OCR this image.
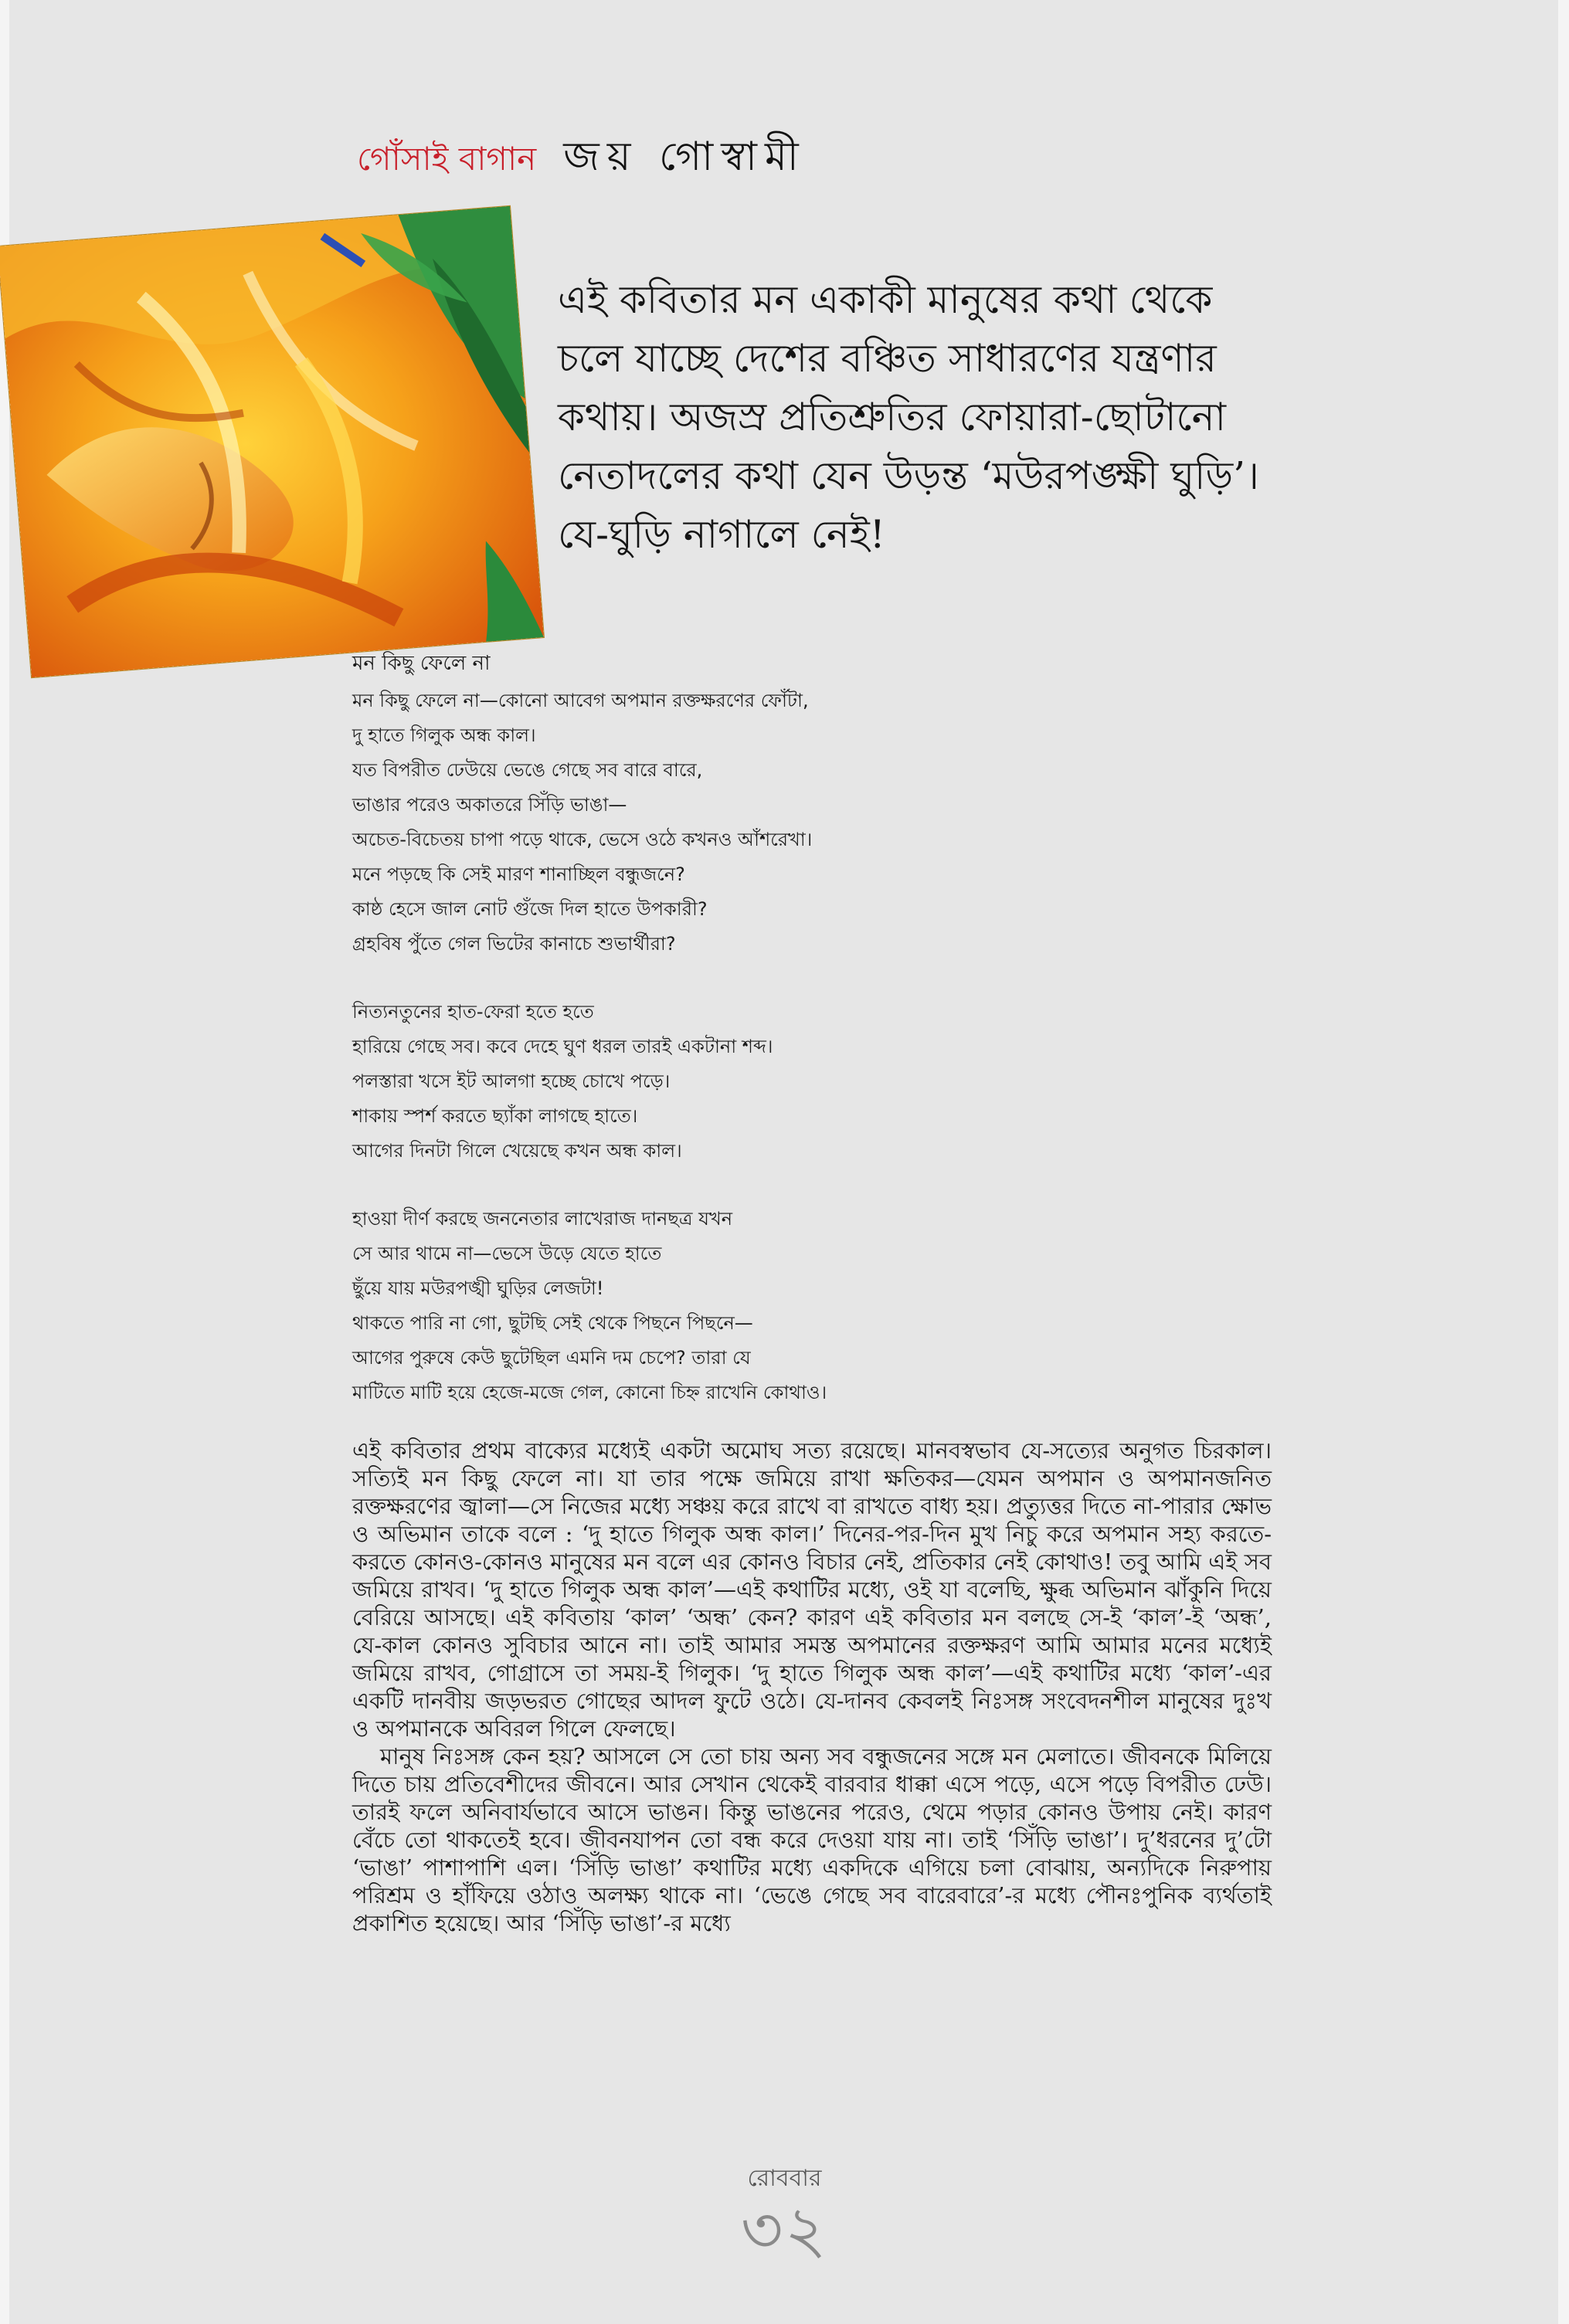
গোঁসাই বাগান জয় গোস্বামী

এই কবিতার মন একাকী মানুষের কথা থেকে

চলে যাচ্ছে দেশের বঞ্চিত সাধারণের যন্ত্রণার

কথায়। অজস্র প্রতিশ্রুতির ফোয়ারা-ছোটানো

নেতাদলের কথা যেন উড়ন্ত ‘মউরপঙ্ক্ষী ঘুড়ি’।

যে-ঘুড়ি নাগালে নেই!

মন কিছু ফেলে না
মন কিছু ফেলে না—কোনো আবেগ অপমান রক্তক্ষরণের ফোঁটা,
দু হাতে গিলুক অন্ধ কাল।
যত বিপরীত ঢেউয়ে ভেঙে গেছে সব বারে বারে,
ভাঙার পরেও অকাতরে সিঁড়ি ভাঙা—
অচেত-বিচেতয় চাপা পড়ে থাকে, ভেসে ওঠে কখনও আঁশরেখা।
মনে পড়ছে কি সেই মারণ শানাচ্ছিল বন্ধুজনে?
কাষ্ঠ হেসে জাল নোট গুঁজে দিল হাতে উপকারী?
গ্রহবিষ পুঁতে গেল ভিটের কানাচে শুভার্থীরা?
নিত্যনতুনের হাত-ফেরা হতে হতে
হারিয়ে গেছে সব। কবে দেহে ঘুণ ধরল তারই একটানা শব্দ।
পলস্তারা খসে ইট আলগা হচ্ছে চোখে পড়ে।
শাকায় স্পর্শ করতে ছ্যাঁকা লাগছে হাতে।
আগের দিনটা গিলে খেয়েছে কখন অন্ধ কাল।
হাওয়া দীর্ণ করছে জননেতার লাখেরাজ দানছত্র যখন
সে আর থামে না—ভেসে উড়ে যেতে হাতে
ছুঁয়ে যায় মউরপঙ্খী ঘুড়ির লেজটা!
থাকতে পারি না গো, ছুটছি সেই থেকে পিছনে পিছনে—
আগের পুরুষে কেউ ছুটেছিল এমনি দম চেপে? তারা যে
মাটিতে মাটি হয়ে হেজে-মজে গেল, কোনো চিহ্ন রাখেনি কোথাও।

এই কবিতার প্রথম বাক্যের মধ্যেই একটা অমোঘ সত্য রয়েছে। মানবস্বভাব যে-সত্যের অনুগত চিরকাল। সত্যিই মন কিছু ফেলে না। যা তার পক্ষে জমিয়ে রাখা ক্ষতিকর—যেমন অপমান ও অপমানজনিত রক্তক্ষরণের জ্বালা—সে নিজের মধ্যে সঞ্চয় করে রাখে বা রাখতে বাধ্য হয়। প্রত্যুত্তর দিতে না-পারার ক্ষোভ ও অভিমান তাকে বলে : ‘দু হাতে গিলুক অন্ধ কাল।’ দিনের-পর-দিন মুখ নিচু করে অপমান সহ্য করতে-করতে কোনও-কোনও মানুষের মন বলে এর কোনও বিচার নেই, প্রতিকার নেই কোথাও! তবু আমি এই সব জমিয়ে রাখব। ‘দু হাতে গিলুক অন্ধ কাল’—এই কথাটির মধ্যে, ওই যা বলেছি, ক্ষুব্ধ অভিমান ঝাঁকুনি দিয়ে বেরিয়ে আসছে। এই কবিতায় ‘কাল’ ‘অন্ধ’ কেন? কারণ এই কবিতার মন বলছে সে-ই ‘কাল’-ই ‘অন্ধ’, যে-কাল কোনও সুবিচার আনে না। তাই আমার সমস্ত অপমানের রক্তক্ষরণ আমি আমার মনের মধ্যেই জমিয়ে রাখব, গোগ্রাসে তা সময়-ই গিলুক। ‘দু হাতে গিলুক অন্ধ কাল’—এই কথাটির মধ্যে ‘কাল’-এর একটি দানবীয় জড়ভরত গোছের আদল ফুটে ওঠে। যে-দানব কেবলই নিঃসঙ্গ সংবেদনশীল মানুষের দুঃখ ও অপমানকে অবিরল গিলে ফেলছে।

মানুষ নিঃসঙ্গ কেন হয়? আসলে সে তো চায় অন্য সব বন্ধুজনের সঙ্গে মন মেলাতে। জীবনকে মিলিয়ে দিতে চায় প্রতিবেশীদের জীবনে। আর সেখান থেকেই বারবার ধাক্কা এসে পড়ে, এসে পড়ে বিপরীত ঢেউ। তারই ফলে অনিবার্যভাবে আসে ভাঙন। কিন্তু ভাঙনের পরেও, থেমে পড়ার কোনও উপায় নেই। কারণ বেঁচে তো থাকতেই হবে। জীবনযাপন তো বন্ধ করে দেওয়া যায় না। তাই ‘সিঁড়ি ভাঙা’। দু’ধরনের দু’টো ‘ভাঙা’ পাশাপাশি এল। ‘সিঁড়ি ভাঙা’ কথাটির মধ্যে একদিকে এগিয়ে চলা বোঝায়, অন্যদিকে নিরুপায় পরিশ্রম ও হাঁফিয়ে ওঠাও অলক্ষ্য থাকে না। ‘ভেঙে গেছে সব বারেবারে’-র মধ্যে পৌনঃপুনিক ব্যর্থতাই প্রকাশিত হয়েছে। আর ‘সিঁড়ি ভাঙা’-র মধ্যে

রোববার
৩২
